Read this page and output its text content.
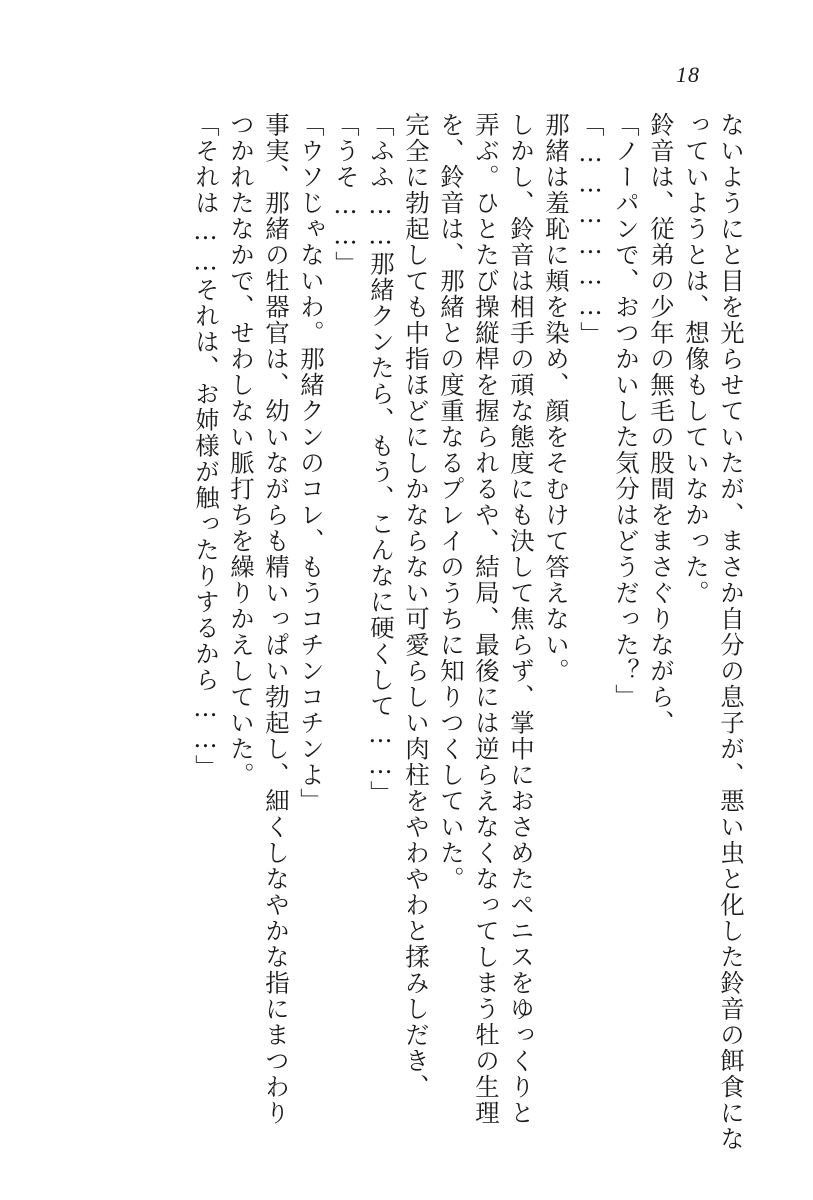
18
ないようにと目を光らせていたが、まさか自分の息子が、悪い虫と化した鈴音の餌食にな
っていようとは、想像もしていなかった。
鈴音は、従弟の少年の無毛の股間をまさぐりながら、
「ノーパンで、おつかいした気分はどうだった？」
「………………」
那緒は羞恥に頬を染め、顔をそむけて答えない。
しかし、鈴音は相手の頑な態度にも決して焦らず、掌中におさめたペニスをゆっくりと
弄ぶ。ひとたび操縦桿を握られるや、結局、最後には逆らえなくなってしまう牡の生理
を、鈴音は、那緒との度重なるプレイのうちに知りつくしていた。
完全に勃起しても中指ほどにしかならない可愛らしい肉柱をやわやわと揉みしだき、
「ふふ……那緒クンたら、もう、こんなに硬くして……」
「うそ……」
「ウソじゃないわ。那緒クンのコレ、もうコチンコチンよ」
事実、那緒の牡器官は、幼いながらも精いっぱい勃起し、細くしなやかな指にまつわり
つかれたなかで、せわしない脈打ちを繰りかえしていた。
「それは……それは、お姉様が触ったりするから……」
